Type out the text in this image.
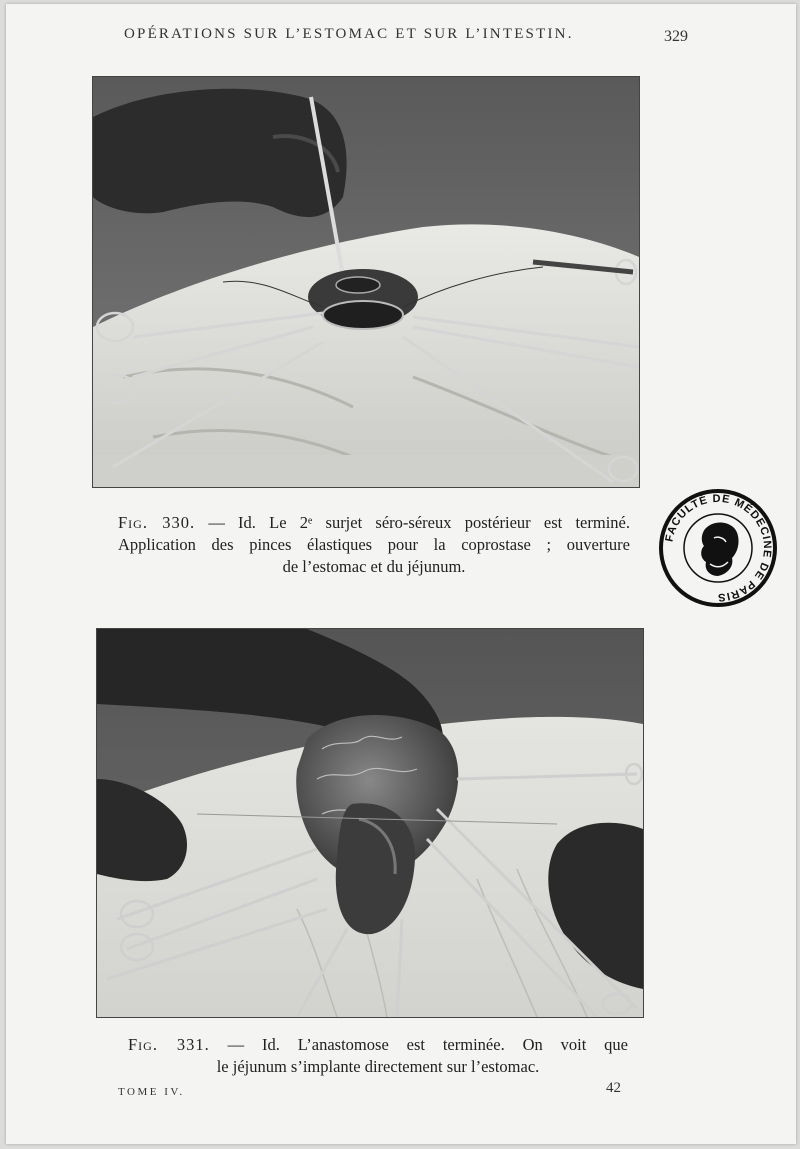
OPÉRATIONS SUR L’ESTOMAC ET SUR L’INTESTIN.	329
Fig. 330. — Id. Le 2ᵉ surjet séro-séreux postérieur est terminé.
Application des pinces élastiques pour la coprostase ; ouverture
de l’estomac et du jéjunum.
FACULTÉ DE MÉDECINE DE PARIS
Fig. 331. — Id. L’anastomose est terminée. On voit que
le jéjunum s’implante directement sur l’estomac.
TOME IV.	42
